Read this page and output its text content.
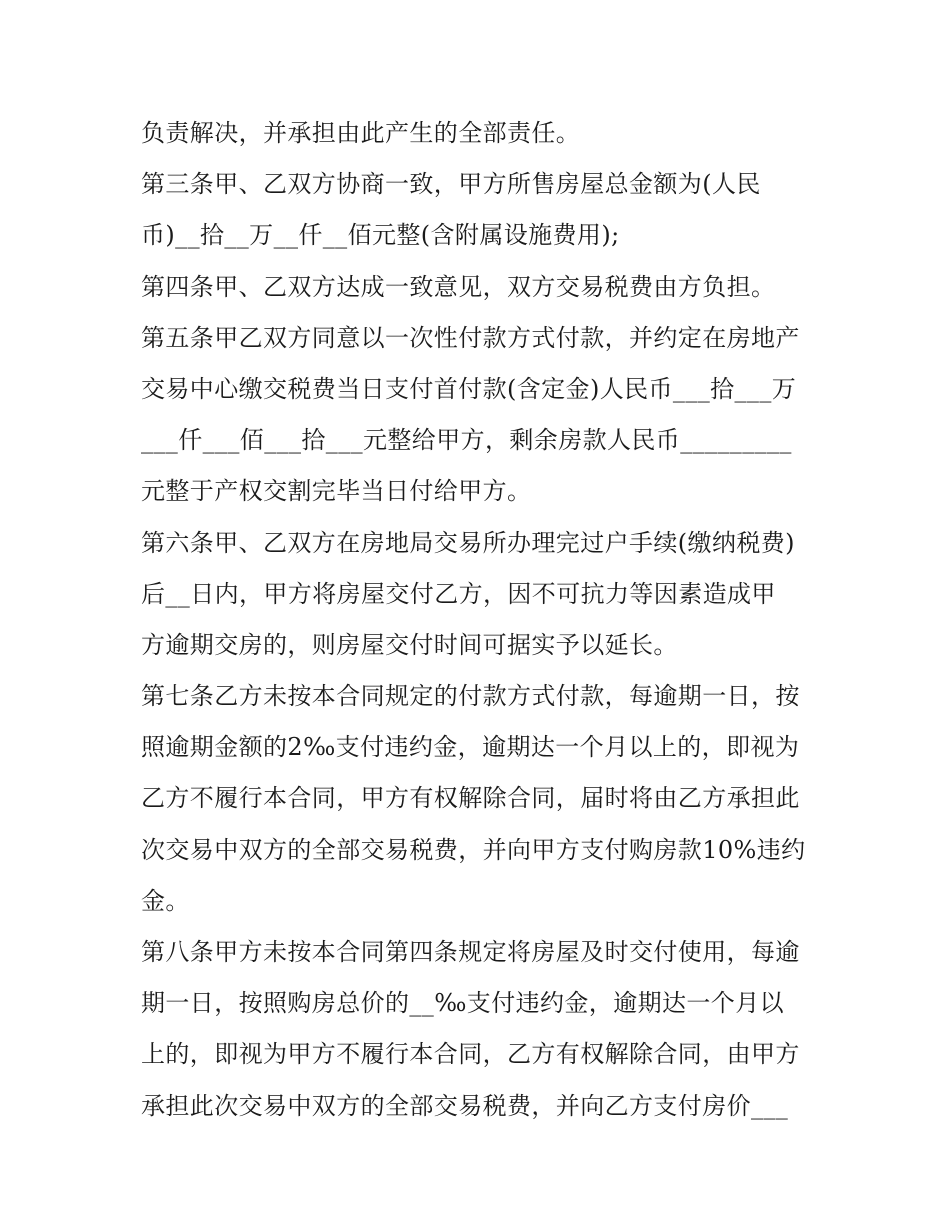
负责解决，并承担由此产生的全部责任。
第三条甲、乙双方协商一致，甲方所售房屋总金额为(人民
币)__拾__万__仟__佰元整(含附属设施费用);
第四条甲、乙双方达成一致意见，双方交易税费由方负担。
第五条甲乙双方同意以一次性付款方式付款，并约定在房地产
交易中心缴交税费当日支付首付款(含定金)人民币___拾___万
___仟___佰___拾___元整给甲方，剩余房款人民币_________
元整于产权交割完毕当日付给甲方。
第六条甲、乙双方在房地局交易所办理完过户手续(缴纳税费)
后__日内，甲方将房屋交付乙方，因不可抗力等因素造成甲
方逾期交房的，则房屋交付时间可据实予以延长。
第七条乙方未按本合同规定的付款方式付款，每逾期一日，按
照逾期金额的2‰支付违约金，逾期达一个月以上的，即视为
乙方不履行本合同，甲方有权解除合同，届时将由乙方承担此
次交易中双方的全部交易税费，并向甲方支付购房款10%违约
金。
第八条甲方未按本合同第四条规定将房屋及时交付使用，每逾
期一日，按照购房总价的__‰支付违约金，逾期达一个月以
上的，即视为甲方不履行本合同，乙方有权解除合同，由甲方
承担此次交易中双方的全部交易税费，并向乙方支付房价___
